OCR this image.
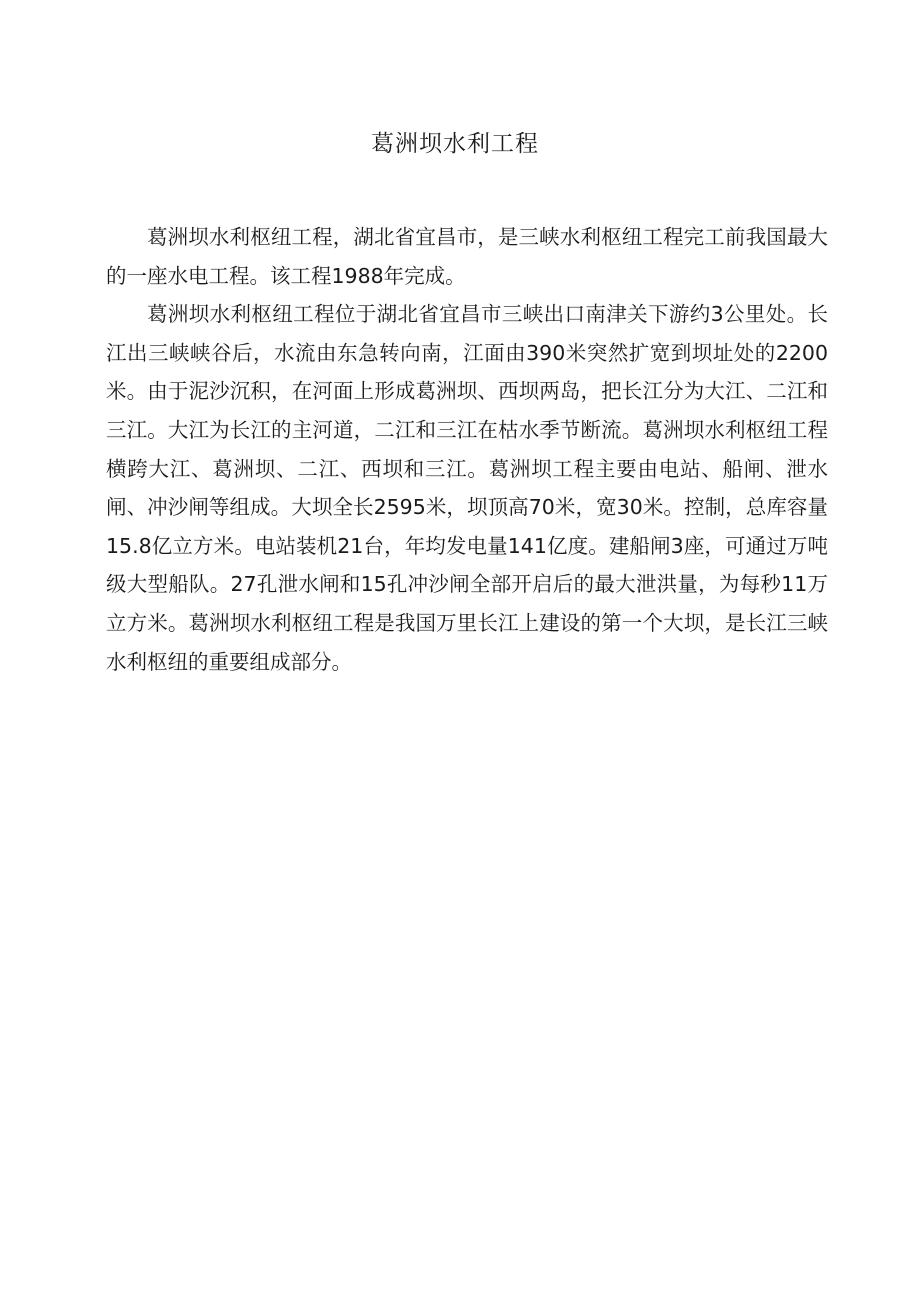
葛洲坝水利工程

葛洲坝水利枢纽工程，湖北省宜昌市，是三峡水利枢纽工程完工前我国最大的一座水电工程。该工程1988年完成。

葛洲坝水利枢纽工程位于湖北省宜昌市三峡出口南津关下游约3公里处。长江出三峡峡谷后，水流由东急转向南，江面由390米突然扩宽到坝址处的2200米。由于泥沙沉积，在河面上形成葛洲坝、西坝两岛，把长江分为大江、二江和三江。大江为长江的主河道，二江和三江在枯水季节断流。葛洲坝水利枢纽工程横跨大江、葛洲坝、二江、西坝和三江。葛洲坝工程主要由电站、船闸、泄水闸、冲沙闸等组成。大坝全长2595米，坝顶高70米，宽30米。控制，总库容量15.8亿立方米。电站装机21台，年均发电量141亿度。建船闸3座，可通过万吨级大型船队。27孔泄水闸和15孔冲沙闸全部开启后的最大泄洪量，为每秒11万立方米。葛洲坝水利枢纽工程是我国万里长江上建设的第一个大坝，是长江三峡水利枢纽的重要组成部分。
